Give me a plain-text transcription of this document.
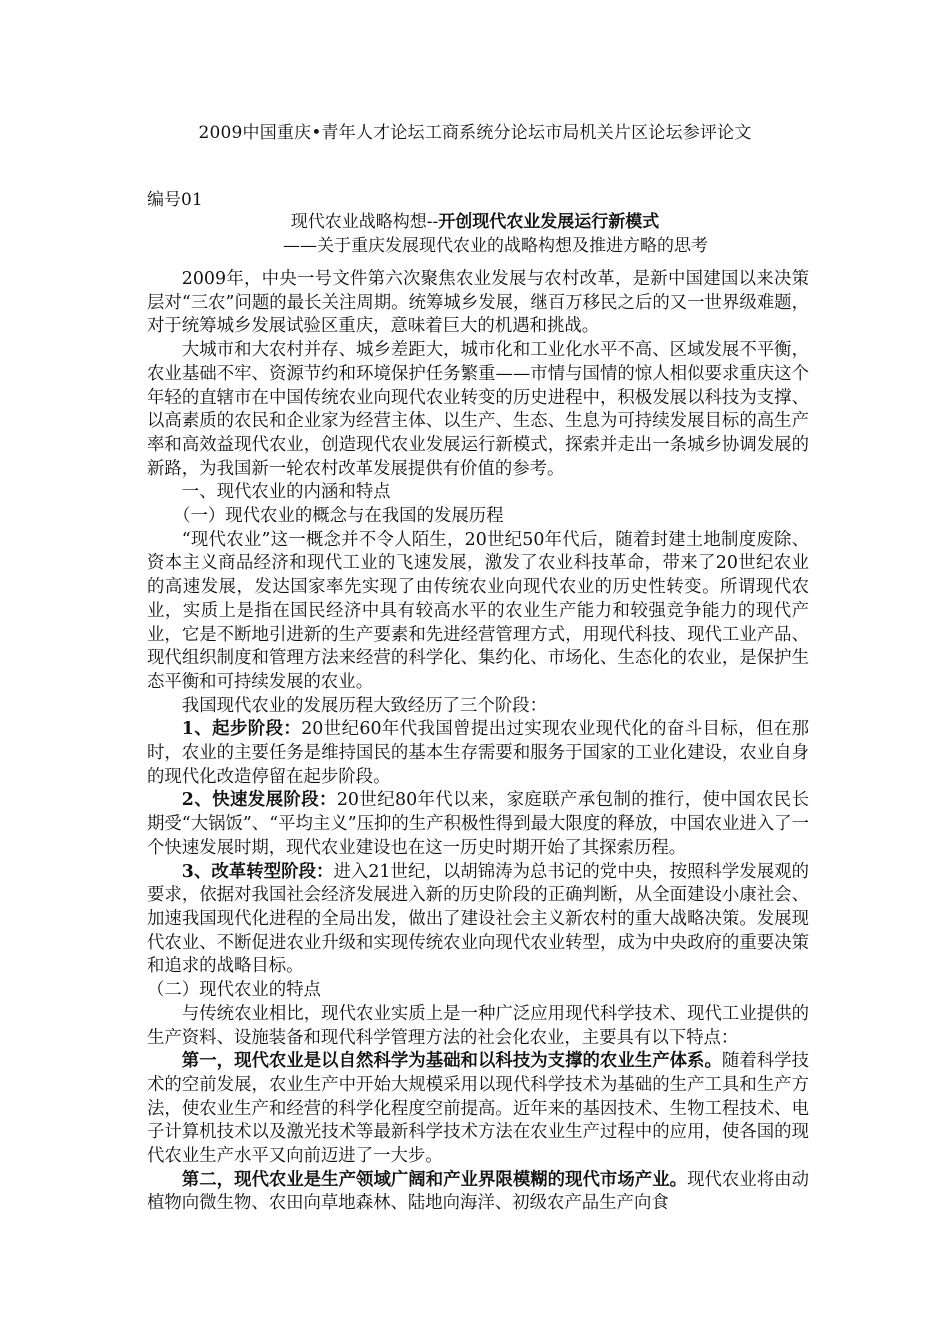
2009中国重庆•青年人才论坛工商系统分论坛市局机关片区论坛参评论文
编号01
现代农业战略构想--开创现代农业发展运行新模式
——关于重庆发展现代农业的战略构想及推进方略的思考

2009年，中央一号文件第六次聚焦农业发展与农村改革，是新中国建国以来决策层对“三农”问题的最长关注周期。统筹城乡发展，继百万移民之后的又一世界级难题，对于统筹城乡发展试验区重庆，意味着巨大的机遇和挑战。

大城市和大农村并存、城乡差距大，城市化和工业化水平不高、区域发展不平衡，农业基础不牢、资源节约和环境保护任务繁重——市情与国情的惊人相似要求重庆这个年轻的直辖市在中国传统农业向现代农业转变的历史进程中，积极发展以科技为支撑、以高素质的农民和企业家为经营主体、以生产、生态、生息为可持续发展目标的高生产率和高效益现代农业，创造现代农业发展运行新模式，探索并走出一条城乡协调发展的新路，为我国新一轮农村改革发展提供有价值的参考。

一、现代农业的内涵和特点

（一）现代农业的概念与在我国的发展历程

“现代农业”这一概念并不令人陌生，20世纪50年代后，随着封建土地制度废除、资本主义商品经济和现代工业的飞速发展，激发了农业科技革命，带来了20世纪农业的高速发展，发达国家率先实现了由传统农业向现代农业的历史性转变。所谓现代农业，实质上是指在国民经济中具有较高水平的农业生产能力和较强竞争能力的现代产业，它是不断地引进新的生产要素和先进经营管理方式，用现代科技、现代工业产品、现代组织制度和管理方法来经营的科学化、集约化、市场化、生态化的农业，是保护生态平衡和可持续发展的农业。

我国现代农业的发展历程大致经历了三个阶段：

1、起步阶段：20世纪60年代我国曾提出过实现农业现代化的奋斗目标，但在那时，农业的主要任务是维持国民的基本生存需要和服务于国家的工业化建设，农业自身的现代化改造停留在起步阶段。

2、快速发展阶段：20世纪80年代以来，家庭联产承包制的推行，使中国农民长期受“大锅饭”、“平均主义”压抑的生产积极性得到最大限度的释放，中国农业进入了一个快速发展时期，现代农业建设也在这一历史时期开始了其探索历程。

3、改革转型阶段：进入21世纪，以胡锦涛为总书记的党中央，按照科学发展观的要求，依据对我国社会经济发展进入新的历史阶段的正确判断，从全面建设小康社会、加速我国现代化进程的全局出发，做出了建设社会主义新农村的重大战略决策。发展现代农业、不断促进农业升级和实现传统农业向现代农业转型，成为中央政府的重要决策和追求的战略目标。

（二）现代农业的特点

与传统农业相比，现代农业实质上是一种广泛应用现代科学技术、现代工业提供的生产资料、设施装备和现代科学管理方法的社会化农业，主要具有以下特点：

第一，现代农业是以自然科学为基础和以科技为支撑的农业生产体系。随着科学技术的空前发展，农业生产中开始大规模采用以现代科学技术为基础的生产工具和生产方法，使农业生产和经营的科学化程度空前提高。近年来的基因技术、生物工程技术、电子计算机技术以及激光技术等最新科学技术方法在农业生产过程中的应用，使各国的现代农业生产水平又向前迈进了一大步。

第二，现代农业是生产领域广阔和产业界限模糊的现代市场产业。现代农业将由动植物向微生物、农田向草地森林、陆地向海洋、初级农产品生产向食
